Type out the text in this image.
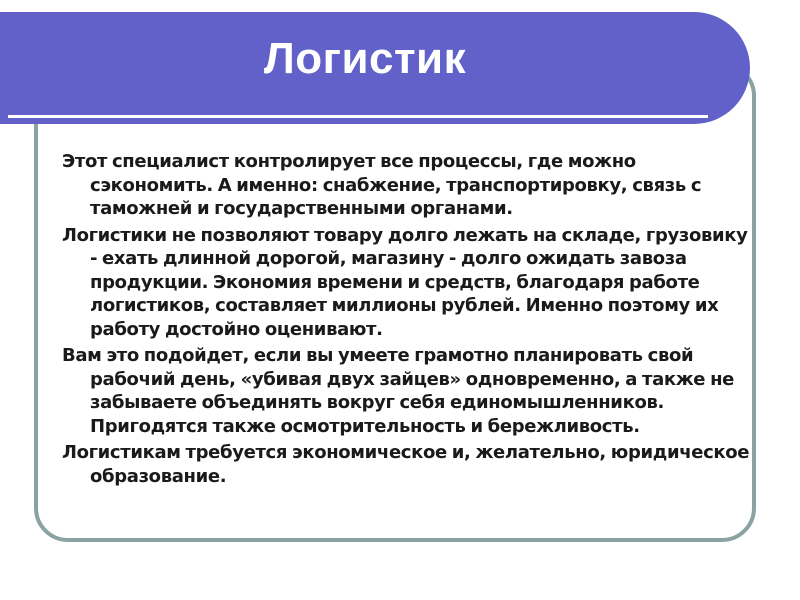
Логистик

Этот специалист контролирует все процессы, где можно сэкономить. А именно: снабжение, транспортировку, связь с таможней и государственными органами.

Логистики не позволяют товару долго лежать на складе, грузовику - ехать длинной дорогой, магазину - долго ожидать завоза продукции. Экономия времени и средств, благодаря работе логистиков, составляет миллионы рублей. Именно поэтому их работу достойно оценивают.

Вам это подойдет, если вы умеете грамотно планировать свой рабочий день, «убивая двух зайцев» одновременно, а также не забываете объединять вокруг себя единомышленников. Пригодятся также осмотрительность и бережливость.

Логистикам требуется экономическое и, желательно, юридическое образование.
